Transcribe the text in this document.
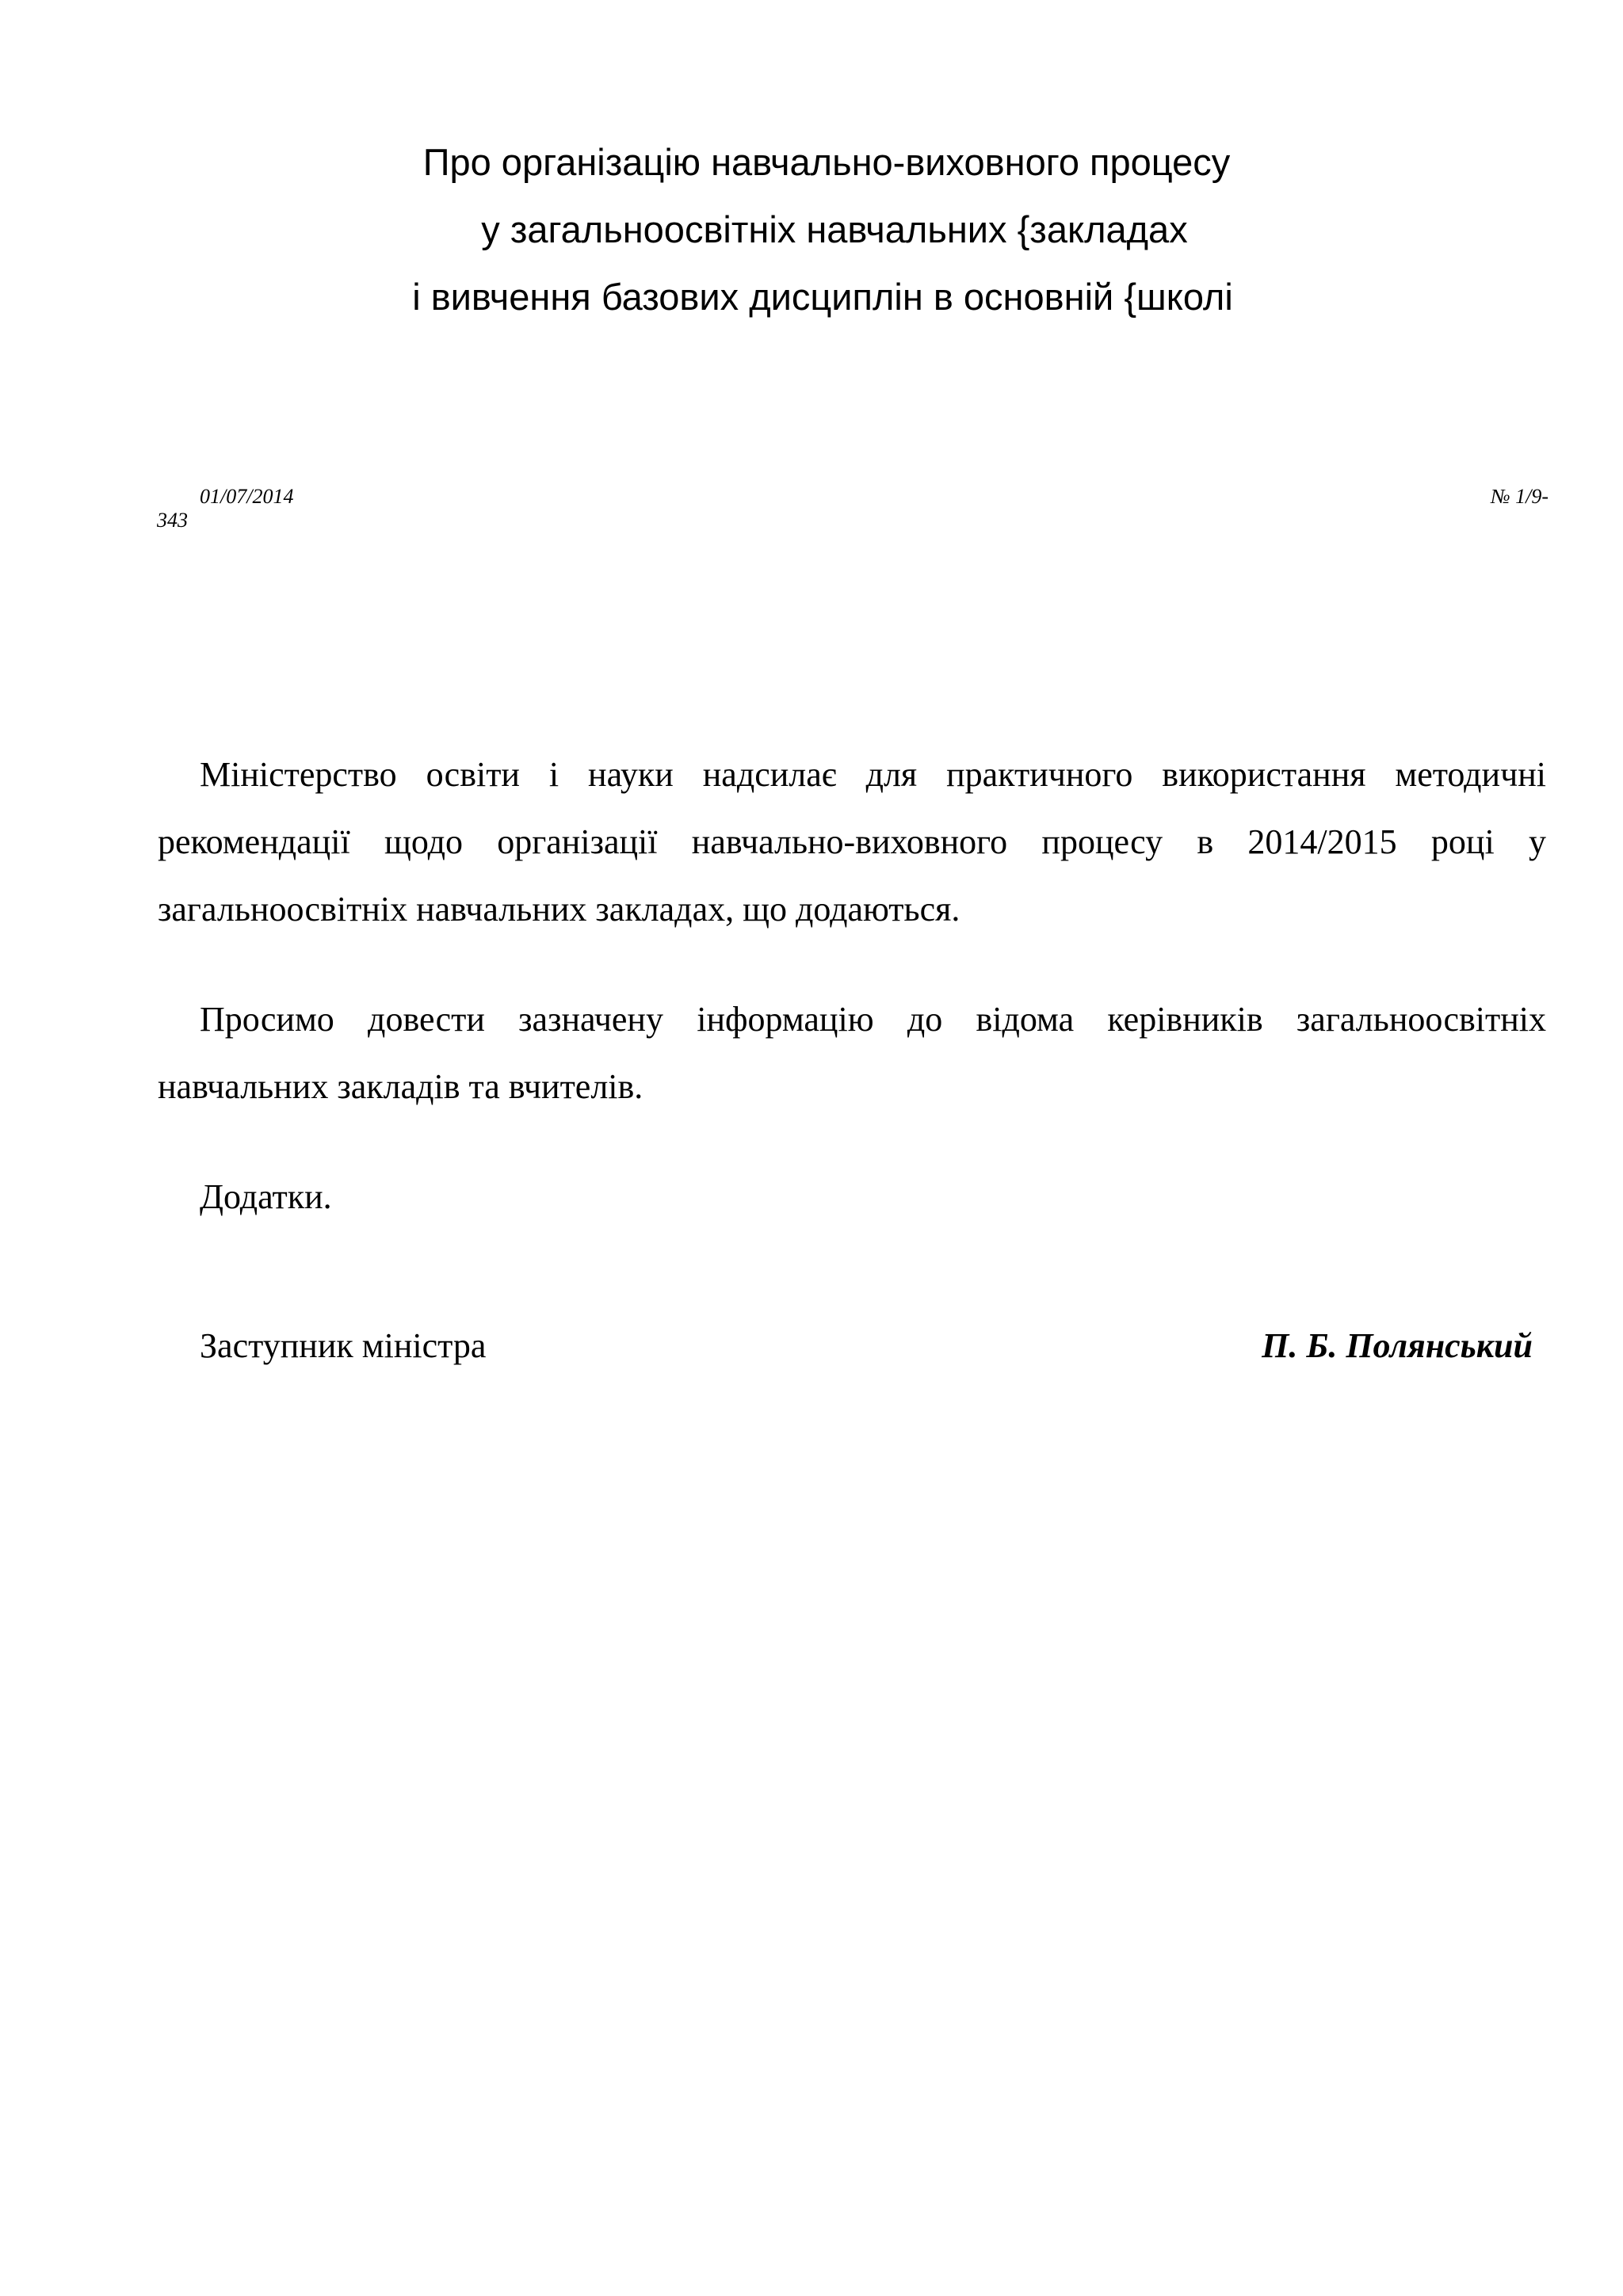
Про організацію навчально-виховного процесу
у загальноосвітніх навчальних {закладах
і вивчення базових дисциплін в основній {школі
01/07/2014	№ 1/9-
343

Міністерство освіти і науки надсилає для практичного використання методичні рекомендації щодо організації навчально-виховного процесу в 2014/2015 році у загальноосвітніх навчальних закладах, що додаються.

Просимо довести зазначену інформацію до відома керівників загальноосвітніх навчальних закладів та вчителів.

Додатки.

Заступник міністра	П. Б. Полянський
